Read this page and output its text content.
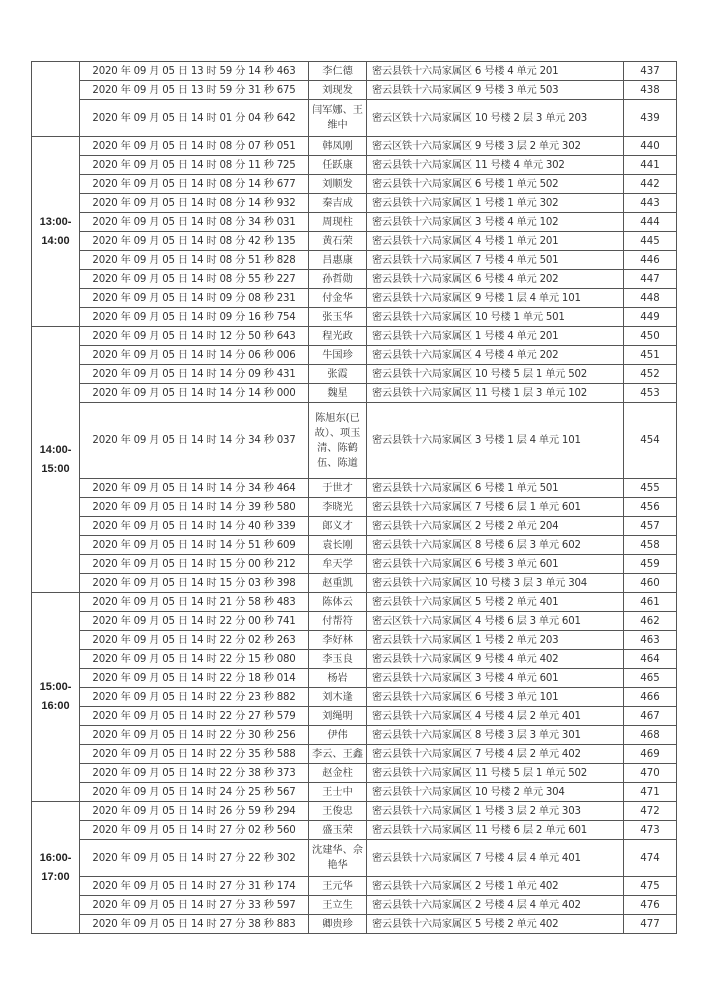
	2020 年 09 月 05 日 13 时 59 分 14 秒 463	李仁德	密云县铁十六局家属区 6 号楼 4 单元 201	437
	2020 年 09 月 05 日 13 时 59 分 31 秒 675	刘现发	密云县铁十六局家属区 9 号楼 3 单元 503	438
	2020 年 09 月 05 日 14 时 01 分 04 秒 642	闫军娜、王维中	密云区铁十六局家属区 10 号楼 2 层 3 单元 203	439
13:00-14:00	2020 年 09 月 05 日 14 时 08 分 07 秒 051	韩凤刚	密云区铁十六局家属区 9 号楼 3 层 2 单元 302	440
	2020 年 09 月 05 日 14 时 08 分 11 秒 725	任跃康	密云县铁十六局家属区 11 号楼 4 单元 302	441
	2020 年 09 月 05 日 14 时 08 分 14 秒 677	刘顺发	密云县铁十六局家属区 6 号楼 1 单元 502	442
	2020 年 09 月 05 日 14 时 08 分 14 秒 932	秦吉成	密云县铁十六局家属区 1 号楼 1 单元 302	443
	2020 年 09 月 05 日 14 时 08 分 34 秒 031	周现柱	密云县铁十六局家属区 3 号楼 4 单元 102	444
	2020 年 09 月 05 日 14 时 08 分 42 秒 135	黄石荣	密云县铁十六局家属区 4 号楼 1 单元 201	445
	2020 年 09 月 05 日 14 时 08 分 51 秒 828	吕惠康	密云县铁十六局家属区 7 号楼 4 单元 501	446
	2020 年 09 月 05 日 14 时 08 分 55 秒 227	孙哲勋	密云县铁十六局家属区 6 号楼 4 单元 202	447
	2020 年 09 月 05 日 14 时 09 分 08 秒 231	付金华	密云县铁十六局家属区 9 号楼 1 层 4 单元 101	448
	2020 年 09 月 05 日 14 时 09 分 16 秒 754	张玉华	密云县铁十六局家属区 10 号楼 1 单元 501	449
14:00-15:00	2020 年 09 月 05 日 14 时 12 分 50 秒 643	程光政	密云县铁十六局家属区 1 号楼 4 单元 201	450
	2020 年 09 月 05 日 14 时 14 分 06 秒 006	牛国珍	密云县铁十六局家属区 4 号楼 4 单元 202	451
	2020 年 09 月 05 日 14 时 14 分 09 秒 431	张霞	密云县铁十六局家属区 10 号楼 5 层 1 单元 502	452
	2020 年 09 月 05 日 14 时 14 分 14 秒 000	魏星	密云县铁十六局家属区 11 号楼 1 层 3 单元 102	453
	2020 年 09 月 05 日 14 时 14 分 34 秒 037	陈旭东(已故）、项玉清、陈鹤伍、陈道	密云县铁十六局家属区 3 号楼 1 层 4 单元 101	454
	2020 年 09 月 05 日 14 时 14 分 34 秒 464	于世才	密云县铁十六局家属区 6 号楼 1 单元 501	455
	2020 年 09 月 05 日 14 时 14 分 39 秒 580	李晓光	密云县铁十六局家属区 7 号楼 6 层 1 单元 601	456
	2020 年 09 月 05 日 14 时 14 分 40 秒 339	郎义才	密云县铁十六局家属区 2 号楼 2 单元 204	457
	2020 年 09 月 05 日 14 时 14 分 51 秒 609	袁长刚	密云县铁十六局家属区 8 号楼 6 层 3 单元 602	458
	2020 年 09 月 05 日 14 时 15 分 00 秒 212	牟天学	密云县铁十六局家属区 6 号楼 3 单元 601	459
	2020 年 09 月 05 日 14 时 15 分 03 秒 398	赵重凯	密云县铁十六局家属区 10 号楼 3 层 3 单元 304	460
15:00-16:00	2020 年 09 月 05 日 14 时 21 分 58 秒 483	陈体云	密云县铁十六局家属区 5 号楼 2 单元 401	461
	2020 年 09 月 05 日 14 时 22 分 00 秒 741	付帮符	密云区铁十六局家属区 4 号楼 6 层 3 单元 601	462
	2020 年 09 月 05 日 14 时 22 分 02 秒 263	李好林	密云县铁十六局家属区 1 号楼 2 单元 203	463
	2020 年 09 月 05 日 14 时 22 分 15 秒 080	李玉良	密云县铁十六局家属区 9 号楼 4 单元 402	464
	2020 年 09 月 05 日 14 时 22 分 18 秒 014	杨岩	密云县铁十六局家属区 3 号楼 4 单元 601	465
	2020 年 09 月 05 日 14 时 22 分 23 秒 882	刘木逢	密云县铁十六局家属区 6 号楼 3 单元 101	466
	2020 年 09 月 05 日 14 时 22 分 27 秒 579	刘绳明	密云县铁十六局家属区 4 号楼 4 层 2 单元 401	467
	2020 年 09 月 05 日 14 时 22 分 30 秒 256	伊伟	密云县铁十六局家属区 8 号楼 3 层 3 单元 301	468
	2020 年 09 月 05 日 14 时 22 分 35 秒 588	李云、王鑫	密云县铁十六局家属区 7 号楼 4 层 2 单元 402	469
	2020 年 09 月 05 日 14 时 22 分 38 秒 373	赵金柱	密云县铁十六局家属区 11 号楼 5 层 1 单元 502	470
	2020 年 09 月 05 日 14 时 24 分 25 秒 567	王士中	密云县铁十六局家属区 10 号楼 2 单元 304	471
16:00-17:00	2020 年 09 月 05 日 14 时 26 分 59 秒 294	王俊忠	密云县铁十六局家属区 1 号楼 3 层 2 单元 303	472
	2020 年 09 月 05 日 14 时 27 分 02 秒 560	盛玉荣	密云县铁十六局家属区 11 号楼 6 层 2 单元 601	473
	2020 年 09 月 05 日 14 时 27 分 22 秒 302	沈建华、佘艳华	密云县铁十六局家属区 7 号楼 4 层 4 单元 401	474
	2020 年 09 月 05 日 14 时 27 分 31 秒 174	王元华	密云县铁十六局家属区 2 号楼 1 单元 402	475
	2020 年 09 月 05 日 14 时 27 分 33 秒 597	王立生	密云县铁十六局家属区 2 号楼 4 层 4 单元 402	476
	2020 年 09 月 05 日 14 时 27 分 38 秒 883	卿贵珍	密云县铁十六局家属区 5 号楼 2 单元 402	477
